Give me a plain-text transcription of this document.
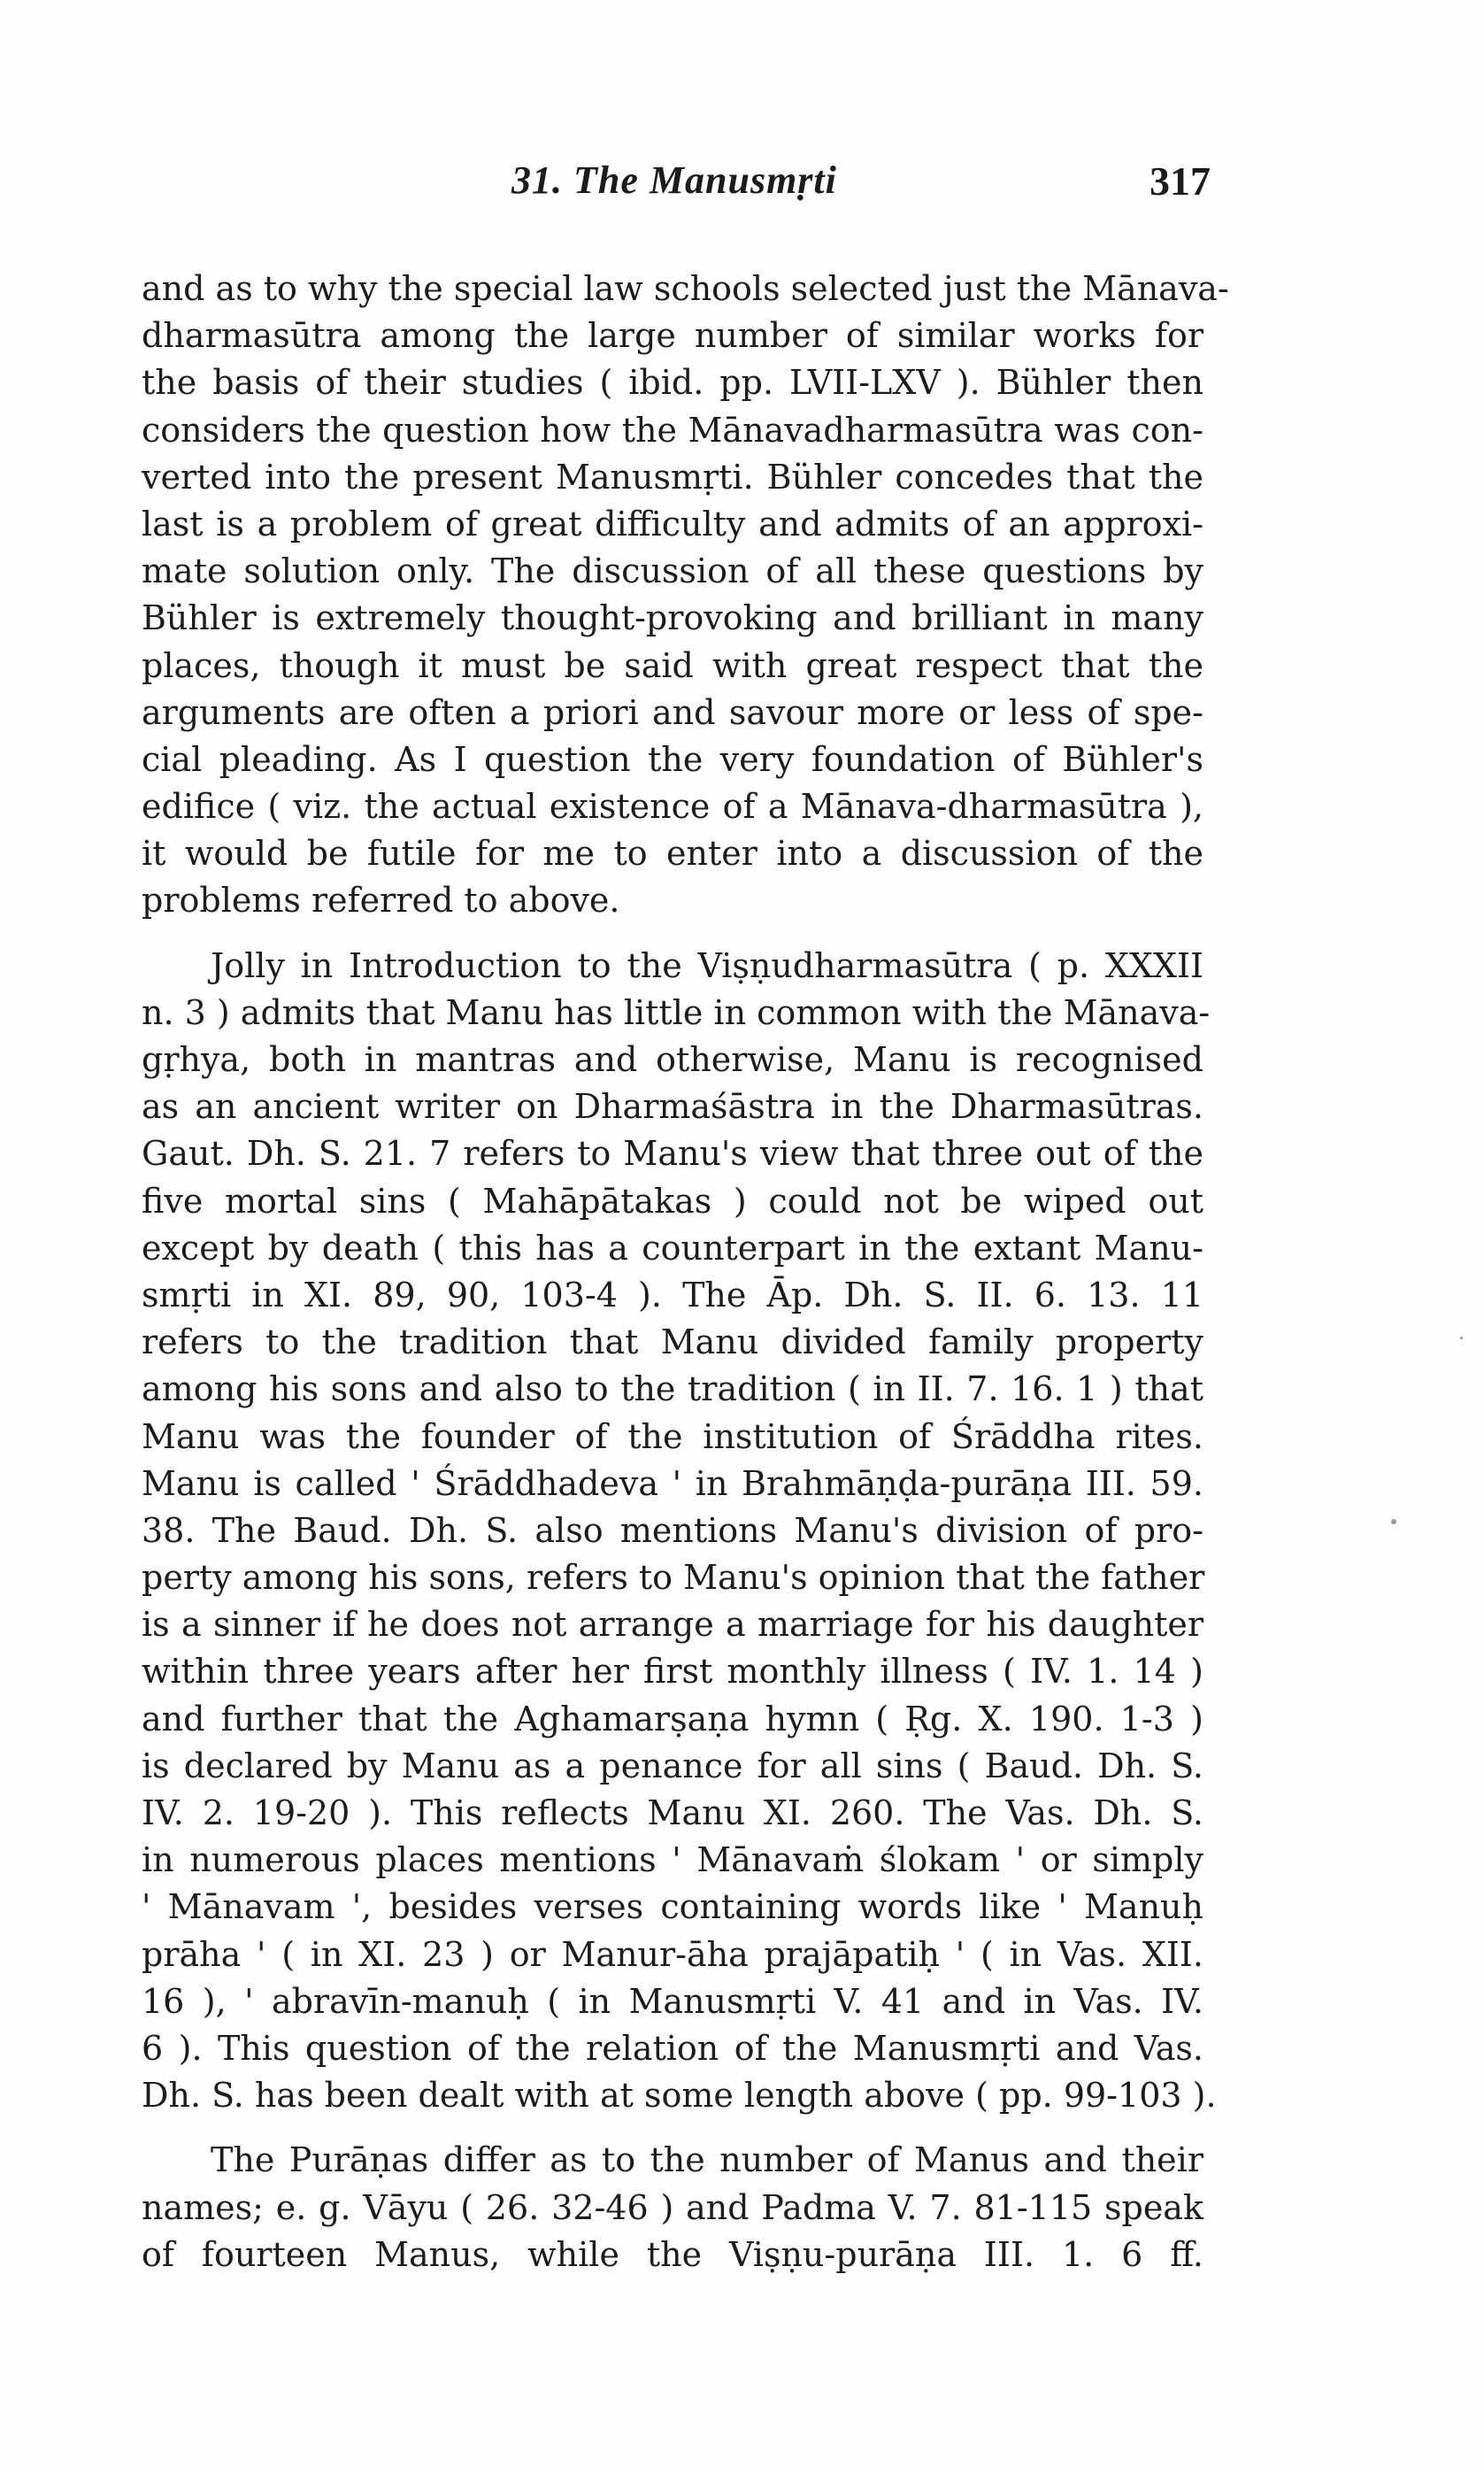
31. The Manusmṛti	317
and as to why the special law schools selected just the Mānava-
dharmasūtra among the large number of similar works for
the basis of their studies ( ibid. pp. LVII-LXV ). Bühler then
considers the question how the Mānavadharmasūtra was con-
verted into the present Manusmṛti. Bühler concedes that the
last is a problem of great difficulty and admits of an approxi-
mate solution only. The discussion of all these questions by
Bühler is extremely thought-provoking and brilliant in many
places, though it must be said with great respect that the
arguments are often a priori and savour more or less of spe-
cial pleading. As I question the very foundation of Bühler's
edifice ( viz. the actual existence of a Mānava-dharmasūtra ),
it would be futile for me to enter into a discussion of the
problems referred to above.
Jolly in Introduction to the Viṣṇudharmasūtra ( p. XXXII
n. 3 ) admits that Manu has little in common with the Mānava-
gṛhya, both in mantras and otherwise, Manu is recognised
as an ancient writer on Dharmaśāstra in the Dharmasūtras.
Gaut. Dh. S. 21. 7 refers to Manu's view that three out of the
five mortal sins ( Mahāpātakas ) could not be wiped out
except by death ( this has a counterpart in the extant Manu-
smṛti in XI. 89, 90, 103-4 ). The Āp. Dh. S. II. 6. 13. 11
refers to the tradition that Manu divided family property
among his sons and also to the tradition ( in II. 7. 16. 1 ) that
Manu was the founder of the institution of Śrāddha rites.
Manu is called ' Śrāddhadeva ' in Brahmāṇḍa-purāṇa III. 59.
38. The Baud. Dh. S. also mentions Manu's division of pro-
perty among his sons, refers to Manu's opinion that the father
is a sinner if he does not arrange a marriage for his daughter
within three years after her first monthly illness ( IV. 1. 14 )
and further that the Aghamarṣaṇa hymn ( Ṛg. X. 190. 1-3 )
is declared by Manu as a penance for all sins ( Baud. Dh. S.
IV. 2. 19-20 ). This reflects Manu XI. 260. The Vas. Dh. S.
in numerous places mentions ' Mānavaṁ ślokam ' or simply
' Mānavam ', besides verses containing words like ' Manuḥ
prāha ' ( in XI. 23 ) or Manur-āha prajāpatiḥ ' ( in Vas. XII.
16 ), ' abravīn-manuḥ ( in Manusmṛti V. 41 and in Vas. IV.
6 ). This question of the relation of the Manusmṛti and Vas.
Dh. S. has been dealt with at some length above ( pp. 99-103 ).
The Purāṇas differ as to the number of Manus and their
names; e. g. Vāyu ( 26. 32-46 ) and Padma V. 7. 81-115 speak
of fourteen Manus, while the Viṣṇu-purāṇa III. 1. 6 ff.
